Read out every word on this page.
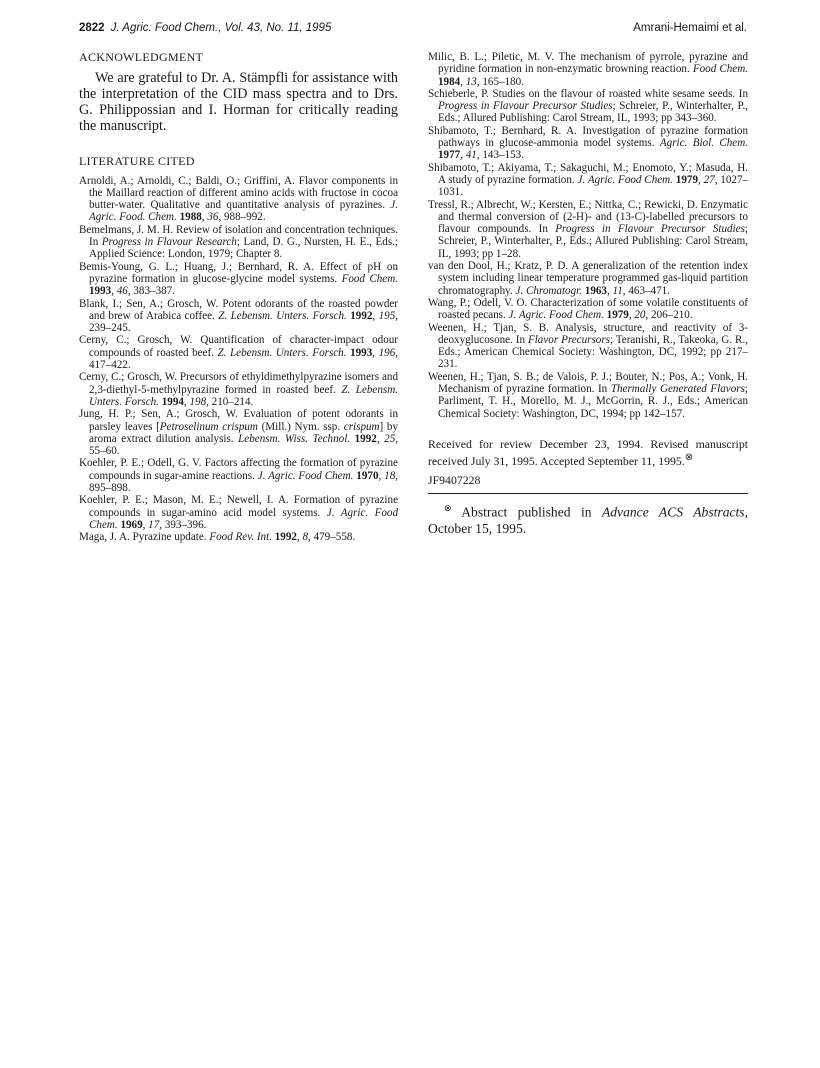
2822 J. Agric. Food Chem., Vol. 43, No. 11, 1995	Amrani-Hemaimi et al.
ACKNOWLEDGMENT

We are grateful to Dr. A. Stämpfli for assistance with the interpretation of the CID mass spectra and to Drs. G. Philippossian and I. Horman for critically reading the manuscript.

LITERATURE CITED

Arnoldi, A.; Arnoldi, C.; Baldi, O.; Griffini, A. Flavor components in the Maillard reaction of different amino acids with fructose in cocoa butter-water. Qualitative and quantitative analysis of pyrazines. J. Agric. Food. Chem. 1988, 36, 988–992.

Bemelmans, J. M. H. Review of isolation and concentration techniques. In Progress in Flavour Research; Land, D. G., Nursten, H. E., Eds.; Applied Science: London, 1979; Chapter 8.

Bemis-Young, G. L.; Huang, J.; Bernhard, R. A. Effect of pH on pyrazine formation in glucose-glycine model systems. Food Chem. 1993, 46, 383–387.

Blank, I.; Sen, A.; Grosch, W. Potent odorants of the roasted powder and brew of Arabica coffee. Z. Lebensm. Unters. Forsch. 1992, 195, 239–245.

Cerny, C.; Grosch, W. Quantification of character-impact odour compounds of roasted beef. Z. Lebensm. Unters. Forsch. 1993, 196, 417–422.

Cerny, C.; Grosch, W. Precursors of ethyldimethylpyrazine isomers and 2,3-diethyl-5-methylpyrazine formed in roasted beef. Z. Lebensm. Unters. Forsch. 1994, 198, 210–214.

Jung, H. P.; Sen, A.; Grosch, W. Evaluation of potent odorants in parsley leaves [Petroselinum crispum (Mill.) Nym. ssp. crispum] by aroma extract dilution analysis. Lebensm. Wiss. Technol. 1992, 25, 55–60.

Koehler, P. E.; Odell, G. V. Factors affecting the formation of pyrazine compounds in sugar-amine reactions. J. Agric. Food Chem. 1970, 18, 895–898.

Koehler, P. E.; Mason, M. E.; Newell, I. A. Formation of pyrazine compounds in sugar-amino acid model systems. J. Agric. Food Chem. 1969, 17, 393–396.

Maga, J. A. Pyrazine update. Food Rev. Int. 1992, 8, 479–558.

Milic, B. L.; Piletic, M. V. The mechanism of pyrrole, pyrazine and pyridine formation in non-enzymatic browning reaction. Food Chem. 1984, 13, 165–180.

Schieberle, P. Studies on the flavour of roasted white sesame seeds. In Progress in Flavour Precursor Studies; Schreier, P., Winterhalter, P., Eds.; Allured Publishing: Carol Stream, IL, 1993; pp 343–360.

Shibamoto, T.; Bernhard, R. A. Investigation of pyrazine formation pathways in glucose-ammonia model systems. Agric. Biol. Chem. 1977, 41, 143–153.

Shibamoto, T.; Akiyama, T.; Sakaguchi, M.; Enomoto, Y.; Masuda, H. A study of pyrazine formation. J. Agric. Food Chem. 1979, 27, 1027–1031.

Tressl, R.; Albrecht, W.; Kersten, E.; Nittka, C.; Rewicki, D. Enzymatic and thermal conversion of (2-H)- and (13-C)-labelled precursors to flavour compounds. In Progress in Flavour Precursor Studies; Schreier, P., Winterhalter, P., Eds.; Allured Publishing: Carol Stream, IL, 1993; pp 1–28.

van den Dool, H.; Kratz, P. D. A generalization of the retention index system including linear temperature programmed gas-liquid partition chromatography. J. Chromatogr. 1963, 11, 463–471.

Wang, P.; Odell, V. O. Characterization of some volatile constituents of roasted pecans. J. Agric. Food Chem. 1979, 20, 206–210.

Weenen, H.; Tjan, S. B. Analysis, structure, and reactivity of 3-deoxyglucosone. In Flavor Precursors; Teranishi, R., Takeoka, G. R., Eds.; American Chemical Society: Washington, DC, 1992; pp 217–231.

Weenen, H.; Tjan, S. B.; de Valois, P. J.; Bouter, N.; Pos, A.; Vonk, H. Mechanism of pyrazine formation. In Thermally Generated Flavors; Parliment, T. H., Morello, M. J., McGorrin, R. J., Eds.; American Chemical Society: Washington, DC, 1994; pp 142–157.

Received for review December 23, 1994. Revised manuscript received July 31, 1995. Accepted September 11, 1995.⊗
JF9407228
⊗ Abstract published in Advance ACS Abstracts, October 15, 1995.
